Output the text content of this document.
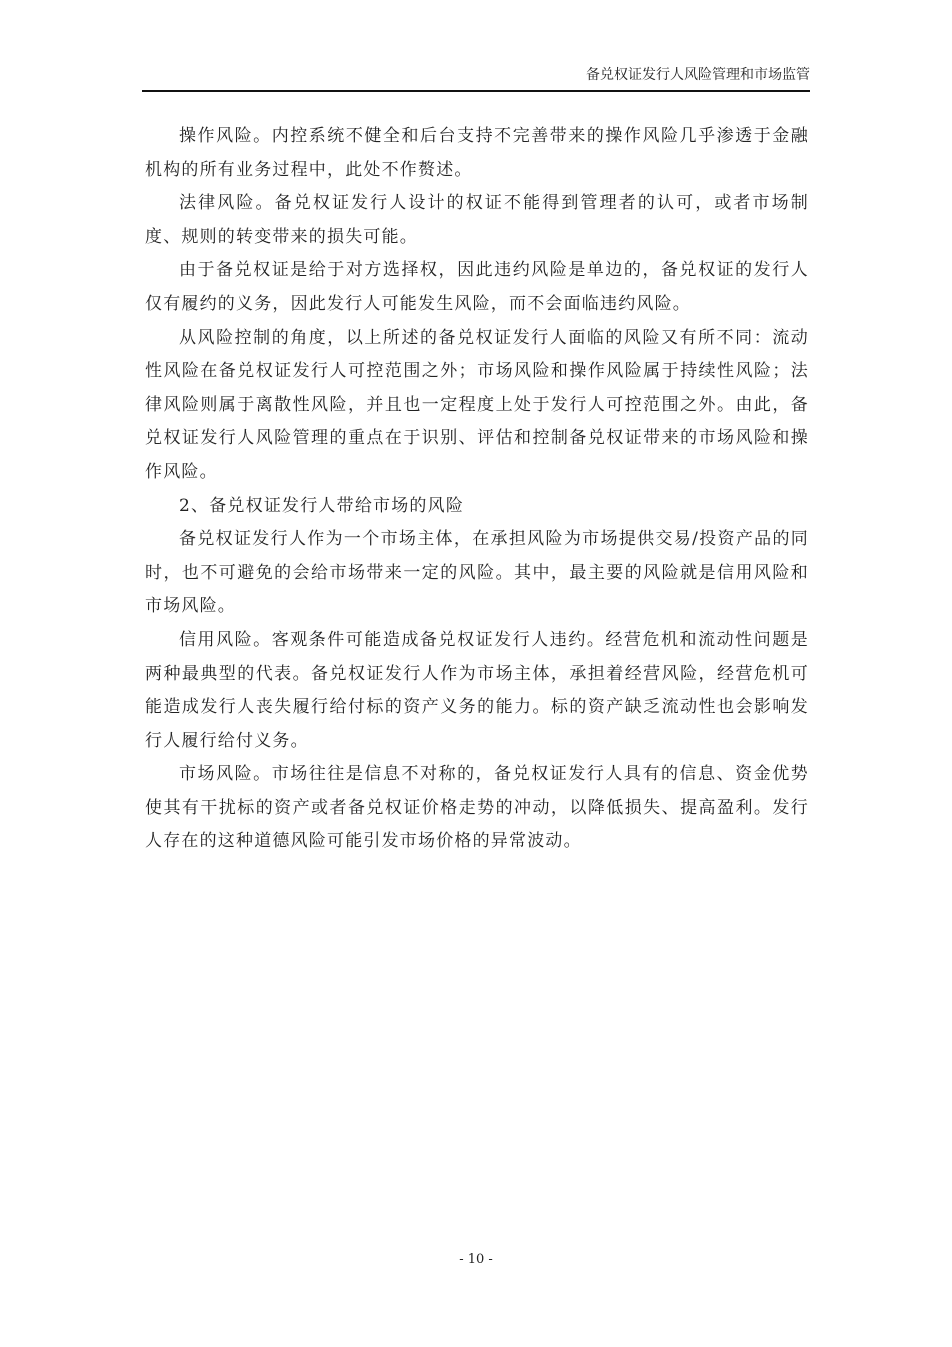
备兑权证发行人风险管理和市场监管

操作风险。内控系统不健全和后台支持不完善带来的操作风险几乎渗透于金融机构的所有业务过程中，此处不作赘述。

法律风险。备兑权证发行人设计的权证不能得到管理者的认可，或者市场制度、规则的转变带来的损失可能。

由于备兑权证是给于对方选择权，因此违约风险是单边的，备兑权证的发行人仅有履约的义务，因此发行人可能发生风险，而不会面临违约风险。

从风险控制的角度，以上所述的备兑权证发行人面临的风险又有所不同：流动性风险在备兑权证发行人可控范围之外；市场风险和操作风险属于持续性风险；法律风险则属于离散性风险，并且也一定程度上处于发行人可控范围之外。由此，备兑权证发行人风险管理的重点在于识别、评估和控制备兑权证带来的市场风险和操作风险。

2、备兑权证发行人带给市场的风险

备兑权证发行人作为一个市场主体，在承担风险为市场提供交易/投资产品的同时，也不可避免的会给市场带来一定的风险。其中，最主要的风险就是信用风险和市场风险。

信用风险。客观条件可能造成备兑权证发行人违约。经营危机和流动性问题是两种最典型的代表。备兑权证发行人作为市场主体，承担着经营风险，经营危机可能造成发行人丧失履行给付标的资产义务的能力。标的资产缺乏流动性也会影响发行人履行给付义务。

市场风险。市场往往是信息不对称的，备兑权证发行人具有的信息、资金优势使其有干扰标的资产或者备兑权证价格走势的冲动，以降低损失、提高盈利。发行人存在的这种道德风险可能引发市场价格的异常波动。

- 10 -
